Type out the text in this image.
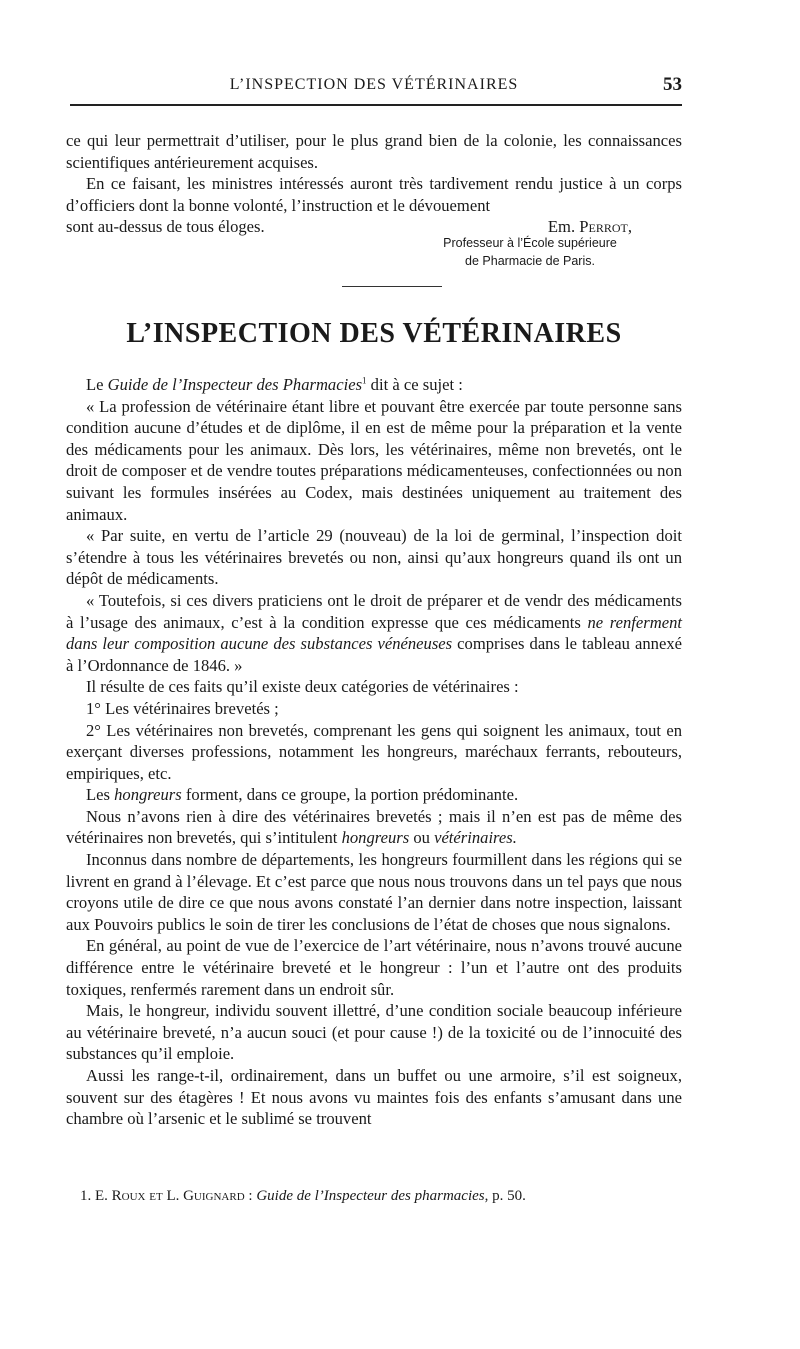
L’INSPECTION DES VÉTÉRINAIRES	53

ce qui leur permettrait d’utiliser, pour le plus grand bien de la colonie, les connaissances scientifiques antérieurement acquises.

En ce faisant, les ministres intéressés auront très tardivement rendu justice à un corps d’officiers dont la bonne volonté, l’instruction et le dévouement

sont au-dessus de tous éloges.	Em. Perrot,
Professeur à l’École supérieure
de Pharmacie de Paris.
L’INSPECTION DES VÉTÉRINAIRES

Le Guide de l’Inspecteur des Pharmacies$^1$ dit à ce sujet :

« La profession de vétérinaire étant libre et pouvant être exercée par toute personne sans condition aucune d’études et de diplôme, il en est de même pour la préparation et la vente des médicaments pour les animaux. Dès lors, les vétérinaires, même non brevetés, ont le droit de composer et de vendre toutes préparations médicamenteuses, confectionnées ou non suivant les formules insérées au Codex, mais destinées uniquement au traitement des animaux.

« Par suite, en vertu de l’article 29 (nouveau) de la loi de germinal, l’inspection doit s’étendre à tous les vétérinaires brevetés ou non, ainsi qu’aux hongreurs quand ils ont un dépôt de médicaments.

« Toutefois, si ces divers praticiens ont le droit de préparer et de vendr des médicaments à l’usage des animaux, c’est à la condition expresse que ces médicaments ne renferment dans leur composition aucune des substances vénéneuses comprises dans le tableau annexé à l’Ordonnance de 1846. »

Il résulte de ces faits qu’il existe deux catégories de vétérinaires :

1° Les vétérinaires brevetés ;

2° Les vétérinaires non brevetés, comprenant les gens qui soignent les animaux, tout en exerçant diverses professions, notamment les hongreurs, maréchaux ferrants, rebouteurs, empiriques, etc.

Les hongreurs forment, dans ce groupe, la portion prédominante.

Nous n’avons rien à dire des vétérinaires brevetés ; mais il n’en est pas de même des vétérinaires non brevetés, qui s’intitulent hongreurs ou vétérinaires.

Inconnus dans nombre de départements, les hongreurs fourmillent dans les régions qui se livrent en grand à l’élevage. Et c’est parce que nous nous trouvons dans un tel pays que nous croyons utile de dire ce que nous avons constaté l’an dernier dans notre inspection, laissant aux Pouvoirs publics le soin de tirer les conclusions de l’état de choses que nous signalons.

En général, au point de vue de l’exercice de l’art vétérinaire, nous n’avons trouvé aucune différence entre le vétérinaire breveté et le hongreur : l’un et l’autre ont des produits toxiques, renfermés rarement dans un endroit sûr.

Mais, le hongreur, individu souvent illettré, d’une condition sociale beaucoup inférieure au vétérinaire breveté, n’a aucun souci (et pour cause !) de la toxicité ou de l’innocuité des substances qu’il emploie.

Aussi les range-t-il, ordinairement, dans un buffet ou une armoire, s’il est soigneux, souvent sur des étagères ! Et nous avons vu maintes fois des enfants s’amusant dans une chambre où l’arsenic et le sublimé se trouvent

1. E. Roux et L. Guignard : Guide de l’Inspecteur des pharmacies, p. 50.
